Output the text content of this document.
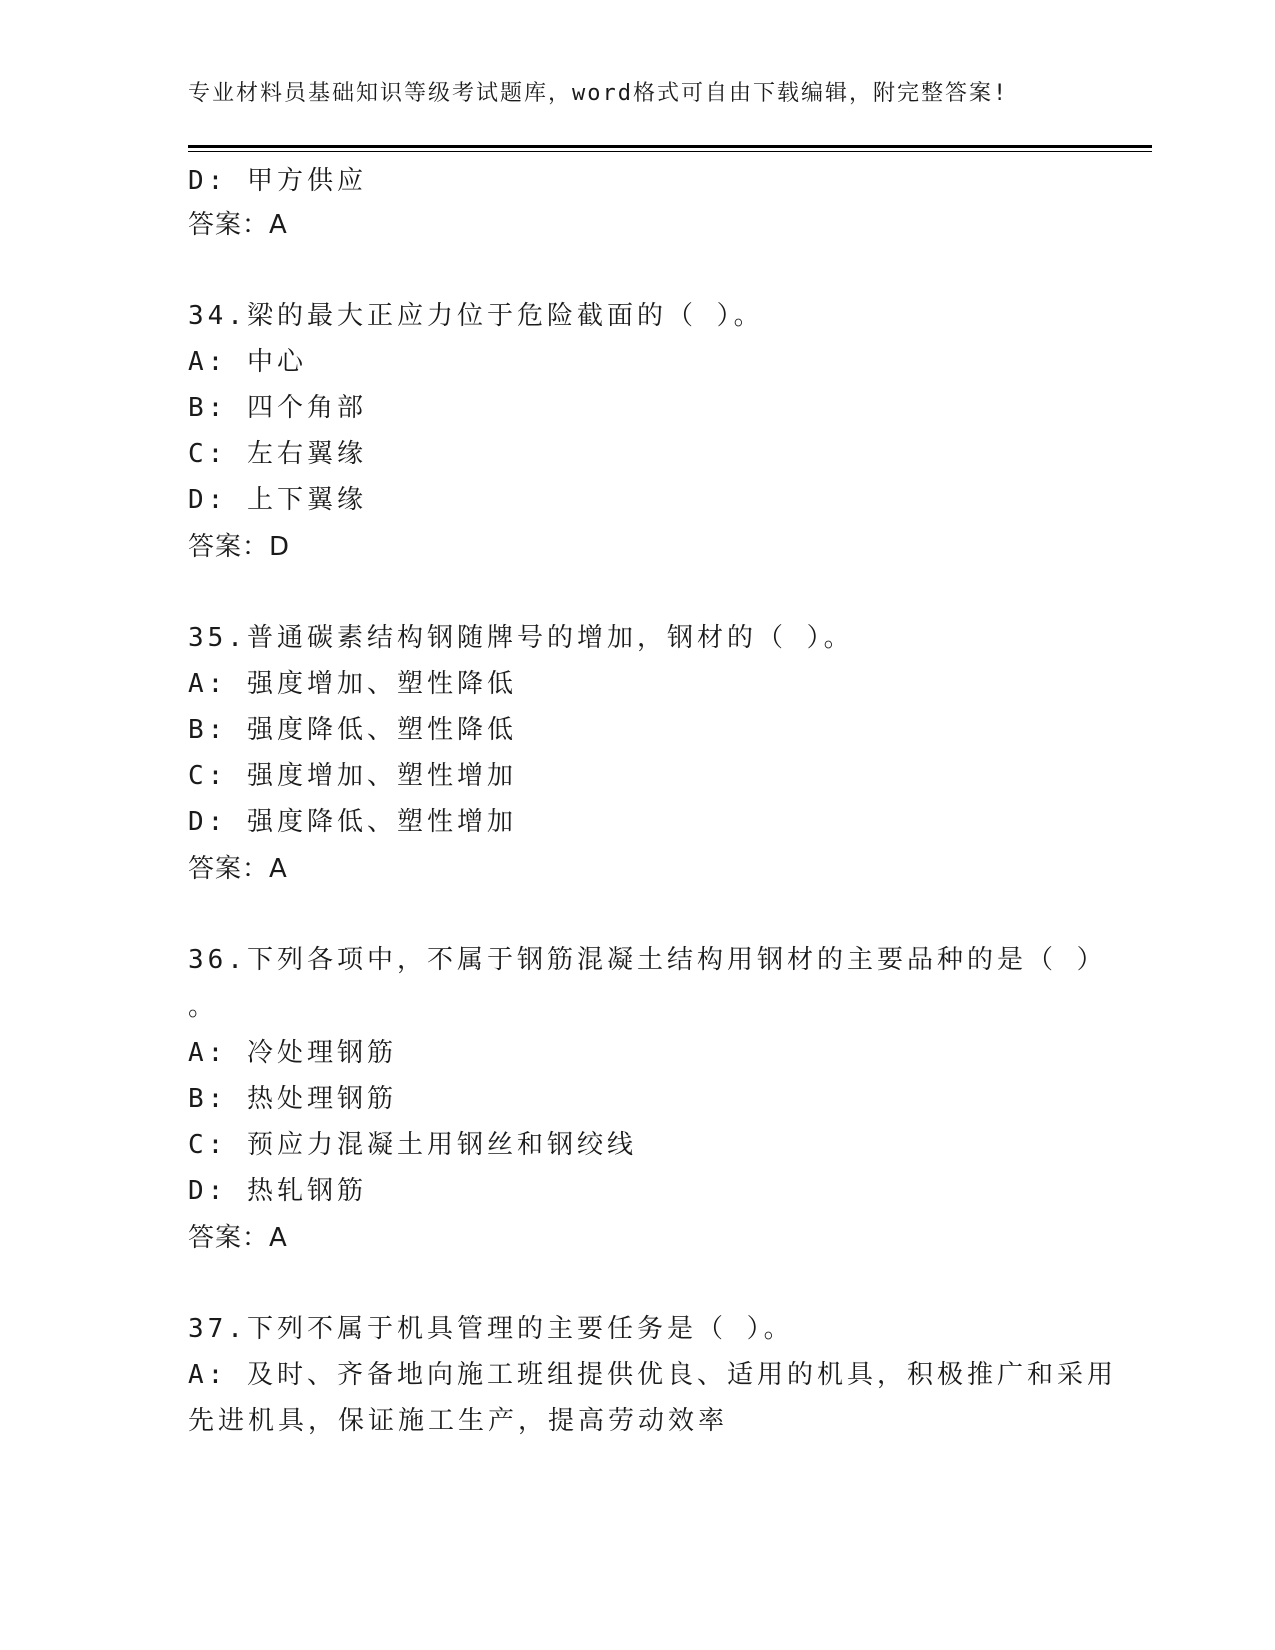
专业材料员基础知识等级考试题库，word格式可自由下载编辑，附完整答案!
D: 甲方供应
答案：A
34.梁的最大正应力位于危险截面的（ ）。
A: 中心
B: 四个角部
C: 左右翼缘
D: 上下翼缘
答案：D
35.普通碳素结构钢随牌号的增加，钢材的（ ）。
A: 强度增加、塑性降低
B: 强度降低、塑性降低
C: 强度增加、塑性增加
D: 强度降低、塑性增加
答案：A
36.下列各项中，不属于钢筋混凝土结构用钢材的主要品种的是（ ）
。
A: 冷处理钢筋
B: 热处理钢筋
C: 预应力混凝土用钢丝和钢绞线
D: 热轧钢筋
答案：A
37.下列不属于机具管理的主要任务是（ ）。
A: 及时、齐备地向施工班组提供优良、适用的机具，积极推广和采用
先进机具，保证施工生产，提高劳动效率
